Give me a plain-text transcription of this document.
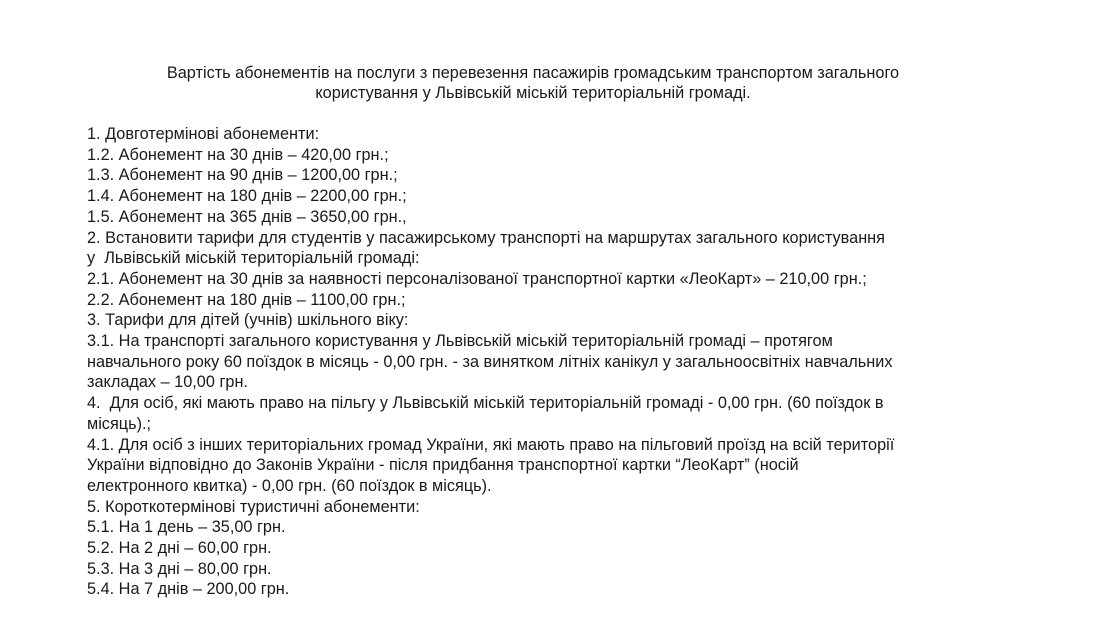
Вартість абонементів на послуги з перевезення пасажирів громадським транспортом загального
користування у Львівській міській територіальній громаді.
1. Довготермінові абонементи:
1.2. Абонемент на 30 днів – 420,00 грн.;
1.3. Абонемент на 90 днів – 1200,00 грн.;
1.4. Абонемент на 180 днів – 2200,00 грн.;
1.5. Абонемент на 365 днів – 3650,00 грн.,
2. Встановити тарифи для студентів у пасажирському транспорті на маршрутах загального користування
у  Львівській міській територіальній громаді:
2.1. Абонемент на 30 днів за наявності персоналізованої транспортної картки «ЛеоКарт» – 210,00 грн.;
2.2. Абонемент на 180 днів – 1100,00 грн.;
3. Тарифи для дітей (учнів) шкільного віку:
3.1. На транспорті загального користування у Львівській міській територіальній громаді – протягом
навчального року 60 поїздок в місяць - 0,00 грн. - за винятком літніх канікул у загальноосвітніх навчальних
закладах – 10,00 грн.
4.  Для осіб, які мають право на пільгу у Львівській міській територіальній громаді - 0,00 грн. (60 поїздок в
місяць).;
4.1. Для осіб з інших територіальних громад України, які мають право на пільговий проїзд на всій території
України відповідно до Законів України - після придбання транспортної картки “ЛеоКарт” (носій
електронного квитка) - 0,00 грн. (60 поїздок в місяць).
5. Короткотермінові туристичні абонементи:
5.1. На 1 день – 35,00 грн.
5.2. На 2 дні – 60,00 грн.
5.3. На 3 дні – 80,00 грн.
5.4. На 7 днів – 200,00 грн.
